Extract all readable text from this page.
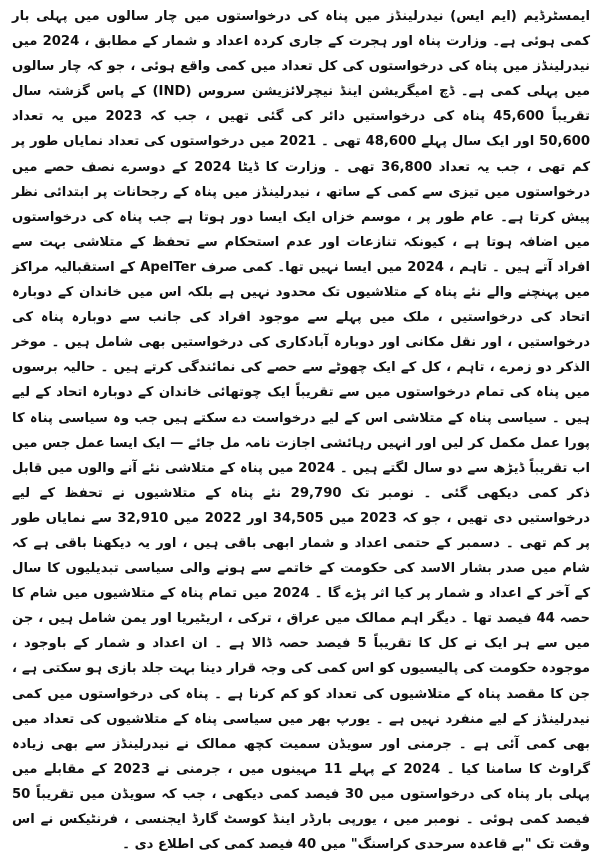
ایمسٹرڈیم (ایم ایس) نیدرلینڈز میں پناہ کی درخواستوں میں چار سالوں میں پہلی بار کمی ہوئی ہے۔ وزارت پناہ اور ہجرت کے جاری کردہ اعداد و شمار کے مطابق ، 2024 میں نیدرلینڈز میں پناہ کی درخواستوں کی کل تعداد میں کمی واقع ہوئی ، جو کہ چار سالوں میں پہلی کمی ہے۔ ڈچ امیگریشن اینڈ نیچرلائزیشن سروس (IND) کے پاس گزشتہ سال تقریباً 45,600 پناہ کی درخواستیں دائر کی گئی تھیں ، جب کہ 2023 میں یہ تعداد 50,600 اور ایک سال پہلے 48,600 تھی ۔ 2021 میں درخواستوں کی تعداد نمایاں طور پر کم تھی ، جب یہ تعداد 36,800 تھی ۔ وزارت کا ڈیٹا 2024 کے دوسرے نصف حصے میں درخواستوں میں تیزی سے کمی کے ساتھ ، نیدرلینڈز میں پناہ کے رجحانات پر ابتدائی نظر پیش کرتا ہے۔ عام طور پر ، موسم خزاں ایک ایسا دور ہوتا ہے جب پناہ کی درخواستوں میں اضافہ ہوتا ہے ، کیونکہ تنازعات اور عدم استحکام سے تحفظ کے متلاشی بہت سے افراد آتے ہیں ۔ تاہم ، 2024 میں ایسا نہیں تھا۔ کمی صرف ApelTer کے استقبالیہ مراکز میں پہنچنے والے نئے پناہ کے متلاشیوں تک محدود نہیں ہے بلکہ اس میں خاندان کے دوبارہ اتحاد کی درخواستیں ، ملک میں پہلے سے موجود افراد کی جانب سے دوبارہ پناہ کی درخواستیں ، اور نقل مکانی اور دوبارہ آبادکاری کی درخواستیں بھی شامل ہیں ۔ موخر الذکر دو زمرے ، تاہم ، کل کے ایک چھوٹے سے حصے کی نمائندگی کرتے ہیں ۔ حالیہ برسوں میں پناہ کی تمام درخواستوں میں سے تقریباً ایک چوتھائی خاندان کے دوبارہ اتحاد کے لیے ہیں ۔ سیاسی پناہ کے متلاشی اس کے لیے درخواست دے سکتے ہیں جب وہ سیاسی پناہ کا پورا عمل مکمل کر لیں اور انہیں رہائشی اجازت نامہ مل جائے — ایک ایسا عمل جس میں اب تقریباً ڈیڑھ سے دو سال لگتے ہیں ۔ 2024 میں پناہ کے متلاشی نئے آنے والوں میں قابل ذکر کمی دیکھی گئی ۔ نومبر تک 29,790 نئے پناہ کے متلاشیوں نے تحفظ کے لیے درخواستیں دی تھیں ، جو کہ 2023 میں 34,505 اور 2022 میں 32,910 سے نمایاں طور پر کم تھی ۔ دسمبر کے حتمی اعداد و شمار ابھی باقی ہیں ، اور یہ دیکھنا باقی ہے کہ شام میں صدر بشار الاسد کی حکومت کے خاتمے سے ہونے والی سیاسی تبدیلیوں کا سال کے آخر کے اعداد و شمار پر کیا اثر پڑے گا ۔ 2024 میں تمام پناہ کے متلاشیوں میں شام کا حصہ 44 فیصد تھا ۔ دیگر اہم ممالک میں عراق ، ترکی ، اریٹیریا اور یمن شامل ہیں ، جن میں سے ہر ایک نے کل کا تقریباً 5 فیصد حصہ ڈالا ہے ۔ ان اعداد و شمار کے باوجود ، موجودہ حکومت کی پالیسیوں کو اس کمی کی وجہ قرار دینا بہت جلد بازی ہو سکتی ہے ، جن کا مقصد پناہ کے متلاشیوں کی تعداد کو کم کرنا ہے ۔ پناہ کی درخواستوں میں کمی نیدرلینڈز کے لیے منفرد نہیں ہے ۔ یورپ بھر میں سیاسی پناہ کے متلاشیوں کی تعداد میں بھی کمی آئی ہے ۔ جرمنی اور سویڈن سمیت کچھ ممالک نے نیدرلینڈز سے بھی زیادہ گراوٹ کا سامنا کیا ۔ 2024 کے پہلے 11 مہینوں میں ، جرمنی نے 2023 کے مقابلے میں پہلی بار پناہ کی درخواستوں میں 30 فیصد کمی دیکھی ، جب کہ سویڈن میں تقریباً 50 فیصد کمی ہوئی ۔ نومبر میں ، یورپی بارڈر اینڈ کوسٹ گارڈ ایجنسی ، فرنٹیکس نے اس وقت تک "بے قاعدہ سرحدی کراسنگ" میں 40 فیصد کمی کی اطلاع دی ۔
